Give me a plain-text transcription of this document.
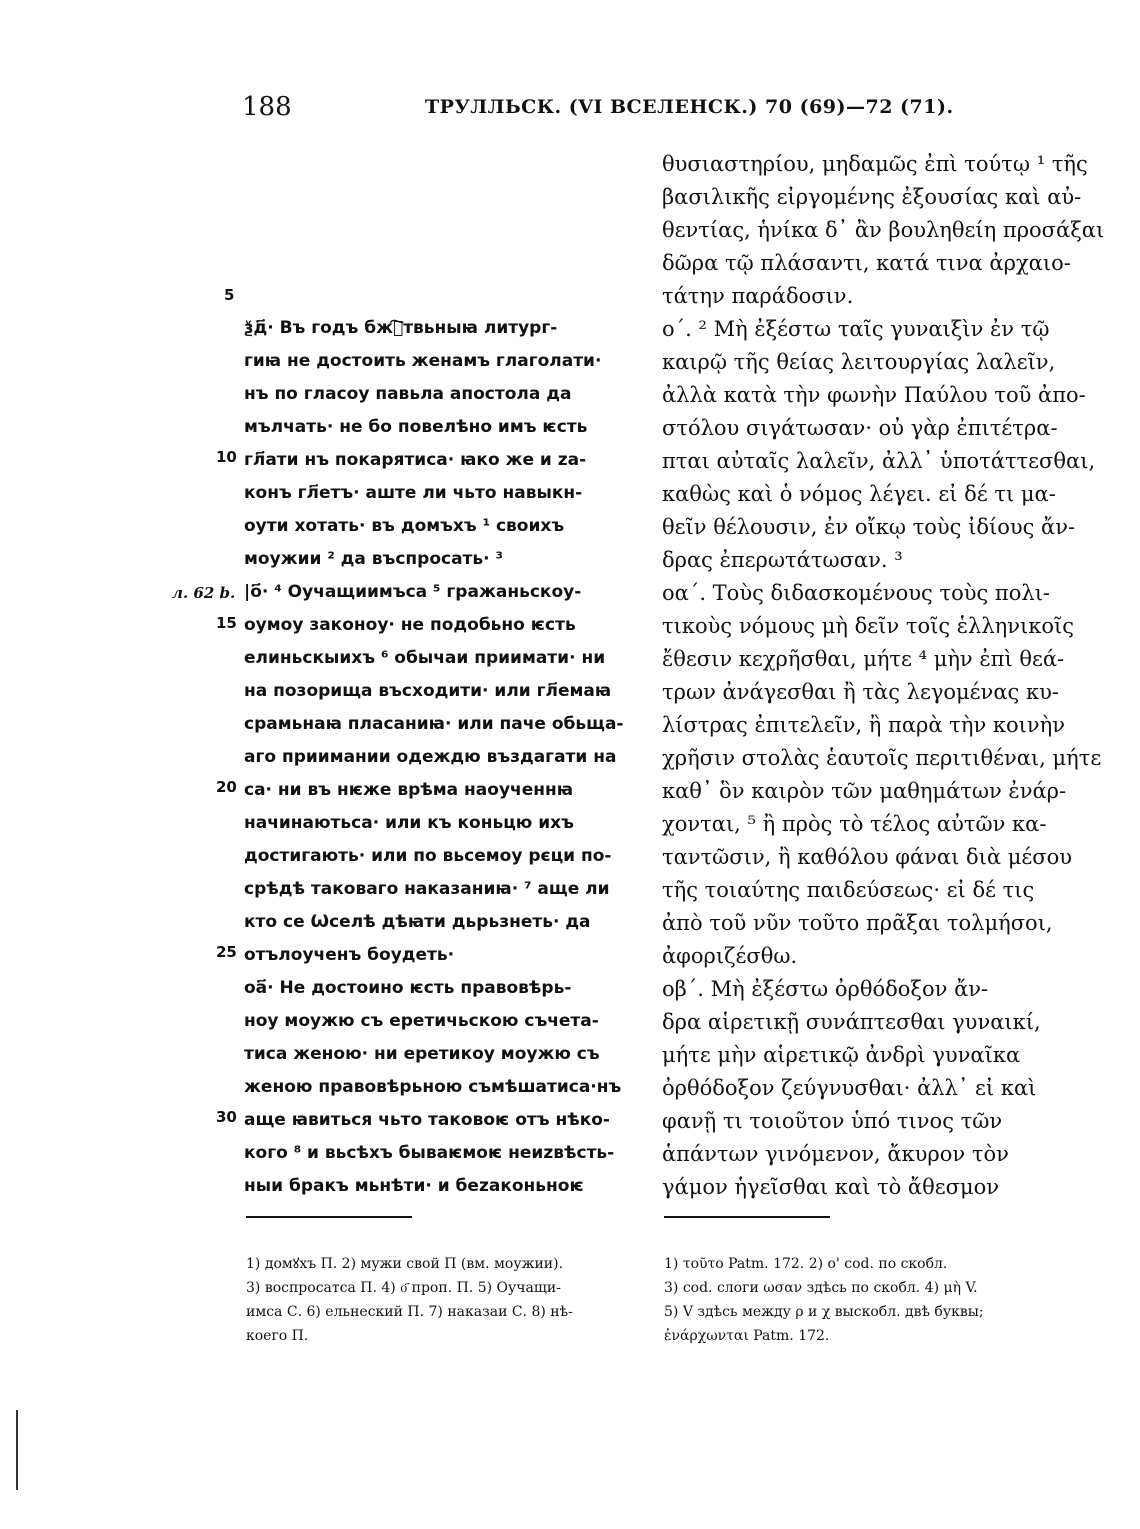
188	ТРУЛЛЬСК. (VI ВСЕЛЕНСК.) 70 (69)—72 (71).
5
10
15
20
25
30
л. 62 b.
ѯд҃· Въ годъ бжⷭ҇твьныꙗ литург-
гиꙗ не достоить женамъ глаголати·
нъ по гласоу павьла апостола да
мълчать· не бо повелѣно имъ ѥсть
гл҃ати нъ покарятиса· ꙗко же и za-
конъ гл҃етъ· аште ли чьто навыкн-
оути хотать· въ домъхъ ¹ своихъ
моужии ² да въспросать· ³
|о҃· ⁴ Оучащиимъса ⁵ гражаньскоу-
оумоу законоу· не подобьно ѥсть
елиньскыихъ ⁶ обычаи приимати· ни
на позорища въсходити· или гл҃емаꙗ
срамьнаꙗ пласаниꙗ· или паче обьща-
аго приимании одеждю въздагати на
са· ни въ нѥже врѣма наоученнꙗ
начинаютьса· или къ коньцю ихъ
достигають· или по вьсемоу рєци по-
срѣдѣ таковаго наказаниꙗ· ⁷ аще ли
кто се Ѡселѣ дѣꙗти дьрьзнеть· да
отълоученъ боудеть·
оа҃· Не достоино ѥсть правовѣрь-
ноу моужю съ еретичьскою съчета-
тиса женою· ни еретикоу моужю съ
женою правовѣрьною съмѣшатиса·нъ
аще ꙗвиться чьто таковоѥ отъ нѣко-
кого ⁸ и вьсѣхъ бываѥмоѥ неиzвѣсть-
ныи бракъ мьнѣти· и беzаконьноѥ
θυσιαστηρίου, μηδαμῶς ἐπὶ τούτῳ ¹ τῆς
βασιλικῆς εἰργομένης ἐξουσίας καὶ αὐ-
θεντίας, ἡνίκα δ᾽ ἂν βουληθείη προσάξαι
δῶρα τῷ πλάσαντι, κατά τινα ἀρχαιο-
τάτην παράδοσιν.
ο΄. ² Μὴ ἐξέστω ταῖς γυναιξὶν ἐν τῷ
καιρῷ τῆς θείας λειτουργίας λαλεῖν,
ἀλλὰ κατὰ τὴν φωνὴν Παύλου τοῦ ἀπο-
στόλου σιγάτωσαν· οὐ γὰρ ἐπιτέτρα-
πται αὐταῖς λαλεῖν, ἀλλ᾽ ὑποτάττεσθαι,
καθὼς καὶ ὁ νόμος λέγει. εἰ δέ τι μα-
θεῖν θέλουσιν, ἐν οἴκῳ τοὺς ἰδίους ἄν-
δρας ἐπερωτάτωσαν. ³
οα΄. Τοὺς διδασκομένους τοὺς πολι-
τικοὺς νόμους μὴ δεῖν τοῖς ἑλληνικοῖς
ἔθεσιν κεχρῆσθαι, μήτε ⁴ μὴν ἐπὶ θεά-
τρων ἀνάγεσθαι ἢ τὰς λεγομένας κυ-
λίστρας ἐπιτελεῖν, ἢ παρὰ τὴν κοινὴν
χρῆσιν στολὰς ἑαυτοῖς περιτιθέναι, μήτε
καθ᾽ ὃν καιρὸν τῶν μαθημάτων ἐνάρ-
χονται, ⁵ ἢ πρὸς τὸ τέλος αὐτῶν κα-
ταντῶσιν, ἢ καθόλου φάναι διὰ μέσου
τῆς τοιαύτης παιδεύσεως· εἰ δέ τις
ἀπὸ τοῦ νῦν τοῦτο πρᾶξαι τολμήσοι,
ἀφοριζέσθω.
οβ΄. Μὴ ἐξέστω ὀρθόδοξον ἄν-
δρα αἱρετικῇ συνάπτεσθαι γυναικί,
μήτε μὴν αἱρετικῷ ἀνδρὶ γυναῖκα
ὀρθόδοξον ζεύγνυσθαι· ἀλλ᾽ εἰ καὶ
φανῇ τι τοιοῦτον ὑπό τινος τῶν
ἁπάντων γινόμενον, ἄκυρον τὸν
γάμον ἡγεῖσθαι καὶ τὸ ἄθεσμον
1) домꙋхъ П. 2) мужи свой П (вм. моужии).
3) воспросатса П. 4) о҃ проп. П. 5) Оучащи-
имса С. 6) ельнеский П. 7) наказаи С. 8) нѣ-
коего П.
1) τοῦτο Patm. 172. 2) ο' cod. по скобл.
3) cod. слоги ωσαν здѣсь по скобл. 4) μὴ V.
5) V здѣсь между ρ и χ выскобл. двѣ буквы;
ἐνάρχωνται Patm. 172.
